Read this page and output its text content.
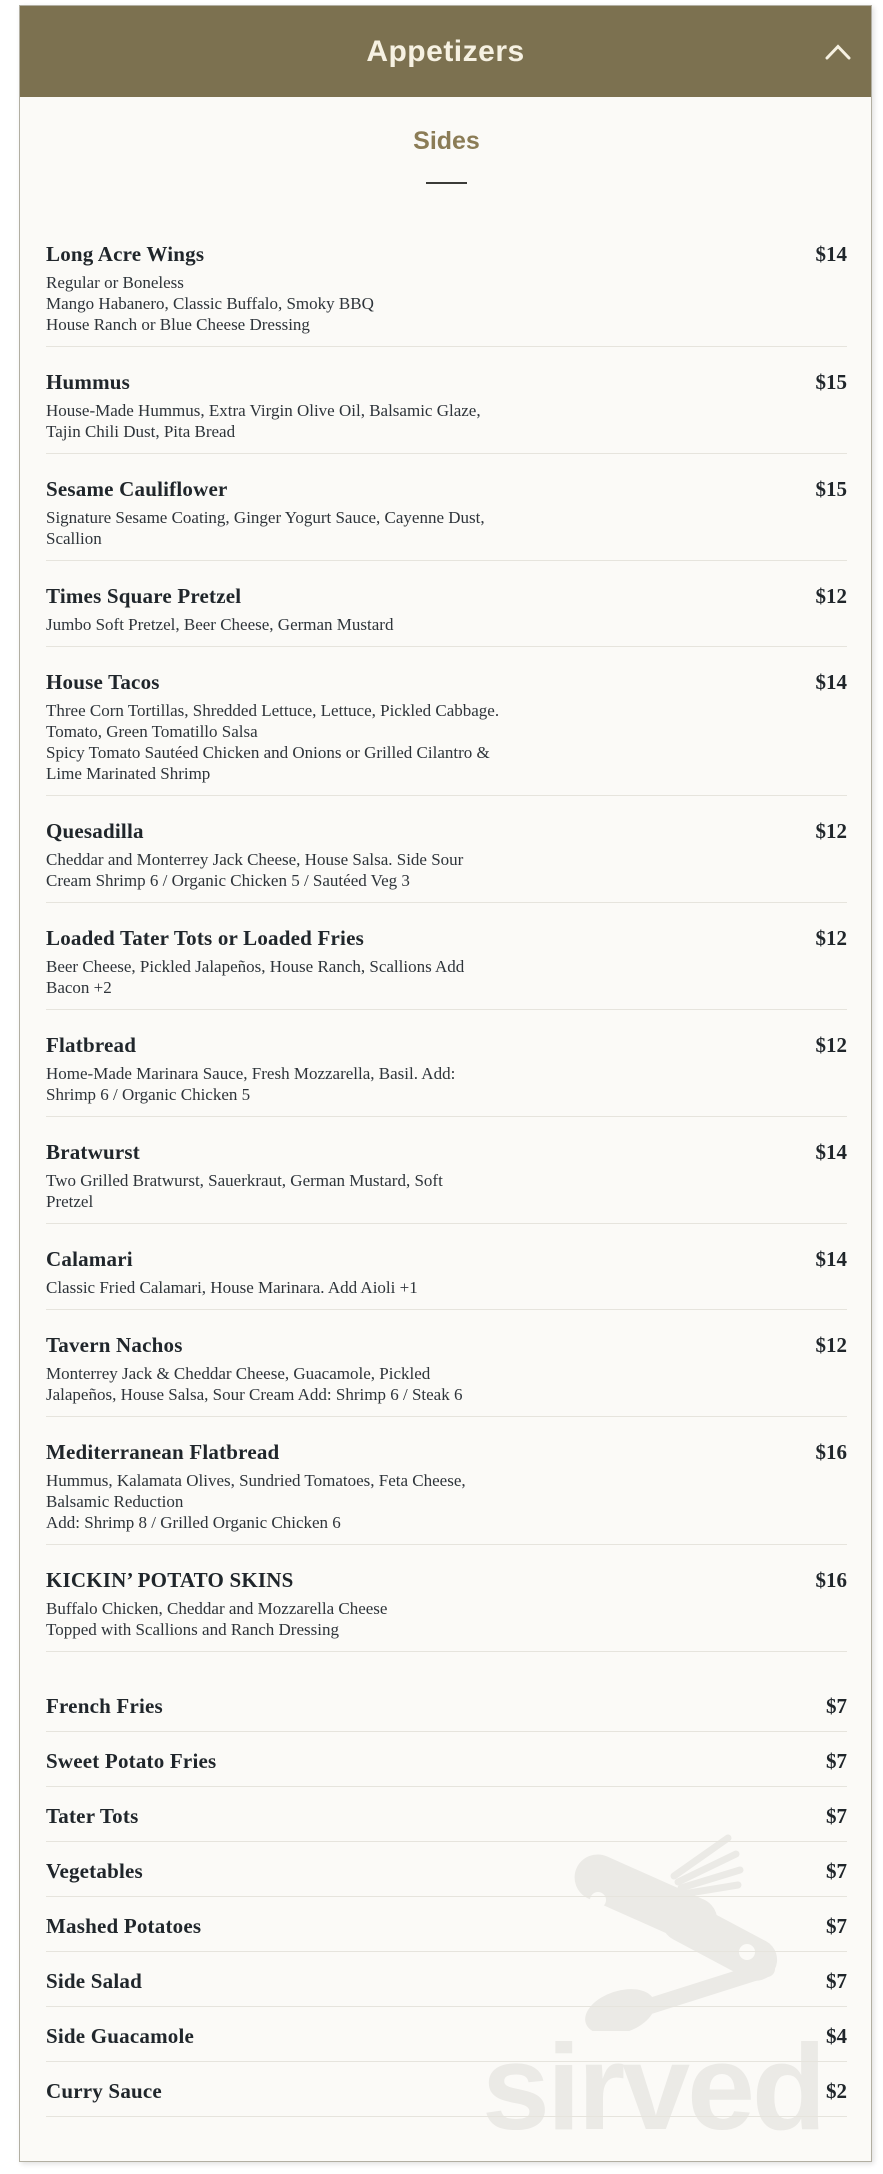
Appetizers
sirved
Sides
Long Acre Wings	$14
Regular or Boneless
Mango Habanero, Classic Buffalo, Smoky BBQ
House Ranch or Blue Cheese Dressing
Hummus	$15
House-Made Hummus, Extra Virgin Olive Oil, Balsamic Glaze,
Tajin Chili Dust, Pita Bread
Sesame Cauliflower	$15
Signature Sesame Coating, Ginger Yogurt Sauce, Cayenne Dust,
Scallion
Times Square Pretzel	$12
Jumbo Soft Pretzel, Beer Cheese, German Mustard
House Tacos	$14
Three Corn Tortillas, Shredded Lettuce, Lettuce, Pickled Cabbage.
Tomato, Green Tomatillo Salsa
Spicy Tomato Sautéed Chicken and Onions or Grilled Cilantro &
Lime Marinated Shrimp
Quesadilla	$12
Cheddar and Monterrey Jack Cheese, House Salsa. Side Sour
Cream Shrimp 6 / Organic Chicken 5 / Sautéed Veg 3
Loaded Tater Tots or Loaded Fries	$12
Beer Cheese, Pickled Jalapeños, House Ranch, Scallions Add
Bacon +2
Flatbread	$12
Home-Made Marinara Sauce, Fresh Mozzarella, Basil. Add:
Shrimp 6 / Organic Chicken 5
Bratwurst	$14
Two Grilled Bratwurst, Sauerkraut, German Mustard, Soft
Pretzel
Calamari	$14
Classic Fried Calamari, House Marinara. Add Aioli +1
Tavern Nachos	$12
Monterrey Jack & Cheddar Cheese, Guacamole, Pickled
Jalapeños, House Salsa, Sour Cream Add: Shrimp 6 / Steak 6
Mediterranean Flatbread	$16
Hummus, Kalamata Olives, Sundried Tomatoes, Feta Cheese,
Balsamic Reduction
Add: Shrimp 8 / Grilled Organic Chicken 6
KICKIN’ POTATO SKINS	$16
Buffalo Chicken, Cheddar and Mozzarella Cheese
Topped with Scallions and Ranch Dressing
French Fries	$7
Sweet Potato Fries	$7
Tater Tots	$7
Vegetables	$7
Mashed Potatoes	$7
Side Salad	$7
Side Guacamole	$4
Curry Sauce	$2
